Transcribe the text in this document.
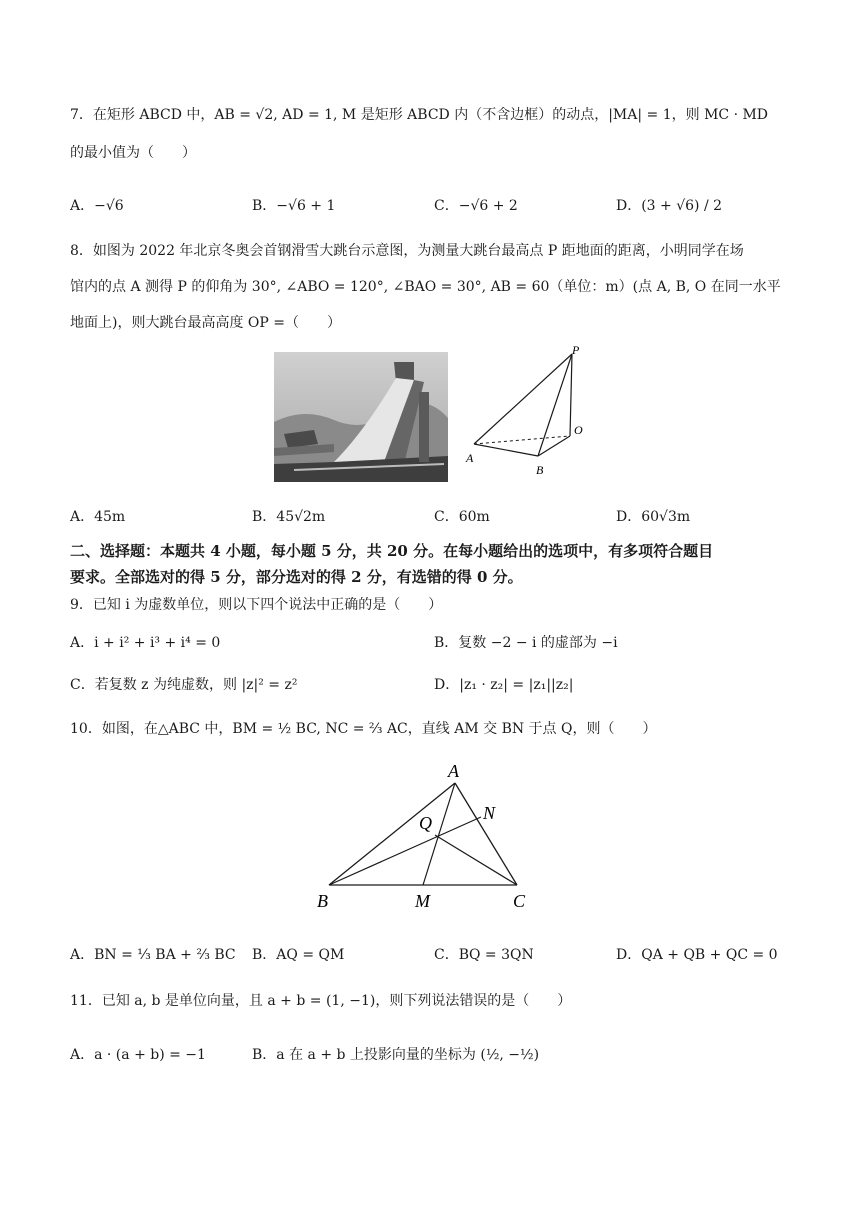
7．在矩形 ABCD 中，AB = √2, AD = 1, M 是矩形 ABCD 内（不含边框）的动点，|MA| = 1，则 MC · MD
的最小值为（　　）
A．−√6	B．−√6 + 1	C．−√6 + 2	D．(3 + √6) / 2
8．如图为 2022 年北京冬奥会首钢滑雪大跳台示意图，为测量大跳台最高点 P 距地面的距离，小明同学在场
馆内的点 A 测得 P 的仰角为 30°, ∠ABO = 120°, ∠BAO = 30°, AB = 60（单位：m）(点 A, B, O 在同一水平
地面上)，则大跳台最高高度 OP =（　　）
P
O
A
B
A．45m	B．45√2m	C．60m	D．60√3m
二、选择题：本题共 4 小题，每小题 5 分，共 20 分。在每小题给出的选项中，有多项符合题目
要求。全部选对的得 5 分，部分选对的得 2 分，有选错的得 0 分。
9．已知 i 为虚数单位，则以下四个说法中正确的是（　　）
A．i + i² + i³ + i⁴ = 0	B．复数 −2 − i 的虚部为 −i
C．若复数 z 为纯虚数，则 |z|² = z²	D．|z₁ · z₂| = |z₁||z₂|
10．如图，在△ABC 中，BM = ½ BC, NC = ⅔ AC，直线 AM 交 BN 于点 Q，则（　　）
A
B	C
M
N
Q
A．BN = ⅓ BA + ⅔ BC B．AQ = QM	C．BQ = 3QN	D．QA + QB + QC = 0
11．已知 a, b 是单位向量，且 a + b = (1, −1)，则下列说法错误的是（　　）
A．a · (a + b) = −1	B．a 在 a + b 上投影向量的坐标为 (½, −½)
